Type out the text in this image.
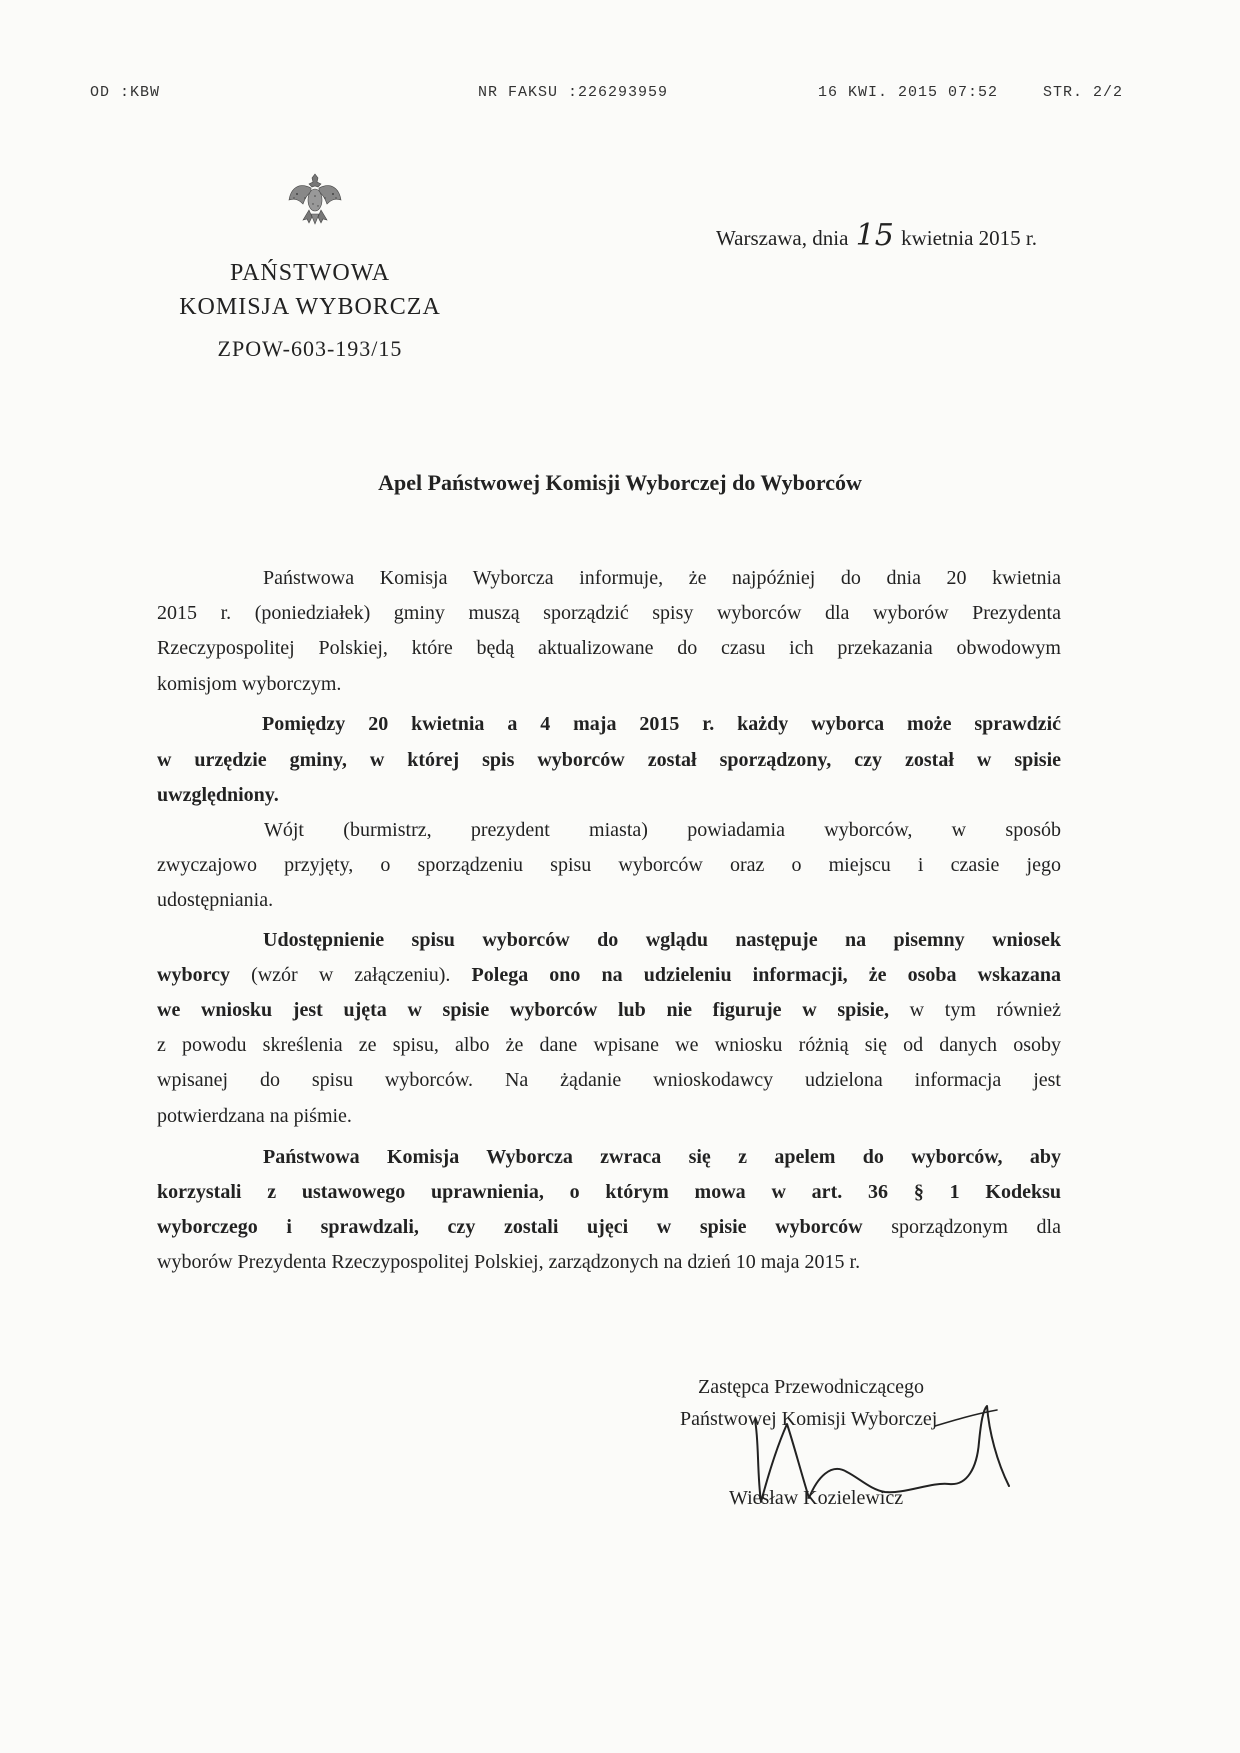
OD :KBW	NR FAKSU :226293959	16 KWI. 2015 07:52	STR. 2/2
PAŃSTWOWA
KOMISJA WYBORCZA
ZPOW-603-193/15
Warszawa, dnia 15 kwietnia 2015 r.
Apel Państwowej Komisji Wyborczej do Wyborców
Państwowa Komisja Wyborcza informuje, że najpóźniej do dnia 20 kwietnia
2015 r. (poniedziałek) gminy muszą sporządzić spisy wyborców dla wyborów Prezydenta
Rzeczypospolitej Polskiej, które będą aktualizowane do czasu ich przekazania obwodowym
komisjom wyborczym.
Pomiędzy 20 kwietnia a 4 maja 2015 r. każdy wyborca może sprawdzić
w urzędzie gminy, w której spis wyborców został sporządzony, czy został w spisie
uwzględniony.
Wójt (burmistrz, prezydent miasta) powiadamia wyborców, w sposób
zwyczajowo przyjęty, o sporządzeniu spisu wyborców oraz o miejscu i czasie jego
udostępniania.
Udostępnienie spisu wyborców do wglądu następuje na pisemny wniosek
wyborcy (wzór w załączeniu). Polega ono na udzieleniu informacji, że osoba wskazana
we wniosku jest ujęta w spisie wyborców lub nie figuruje w spisie, w tym również
z powodu skreślenia ze spisu, albo że dane wpisane we wniosku różnią się od danych osoby
wpisanej do spisu wyborców. Na żądanie wnioskodawcy udzielona informacja jest
potwierdzana na piśmie.
Państwowa Komisja Wyborcza zwraca się z apelem do wyborców, aby
korzystali z ustawowego uprawnienia, o którym mowa w art. 36 § 1 Kodeksu
wyborczego i sprawdzali, czy zostali ujęci w spisie wyborców sporządzonym dla
wyborów Prezydenta Rzeczypospolitej Polskiej, zarządzonych na dzień 10 maja 2015 r.
Zastępca Przewodniczącego
Państwowej Komisji Wyborczej
Wiesław Kozielewicz
